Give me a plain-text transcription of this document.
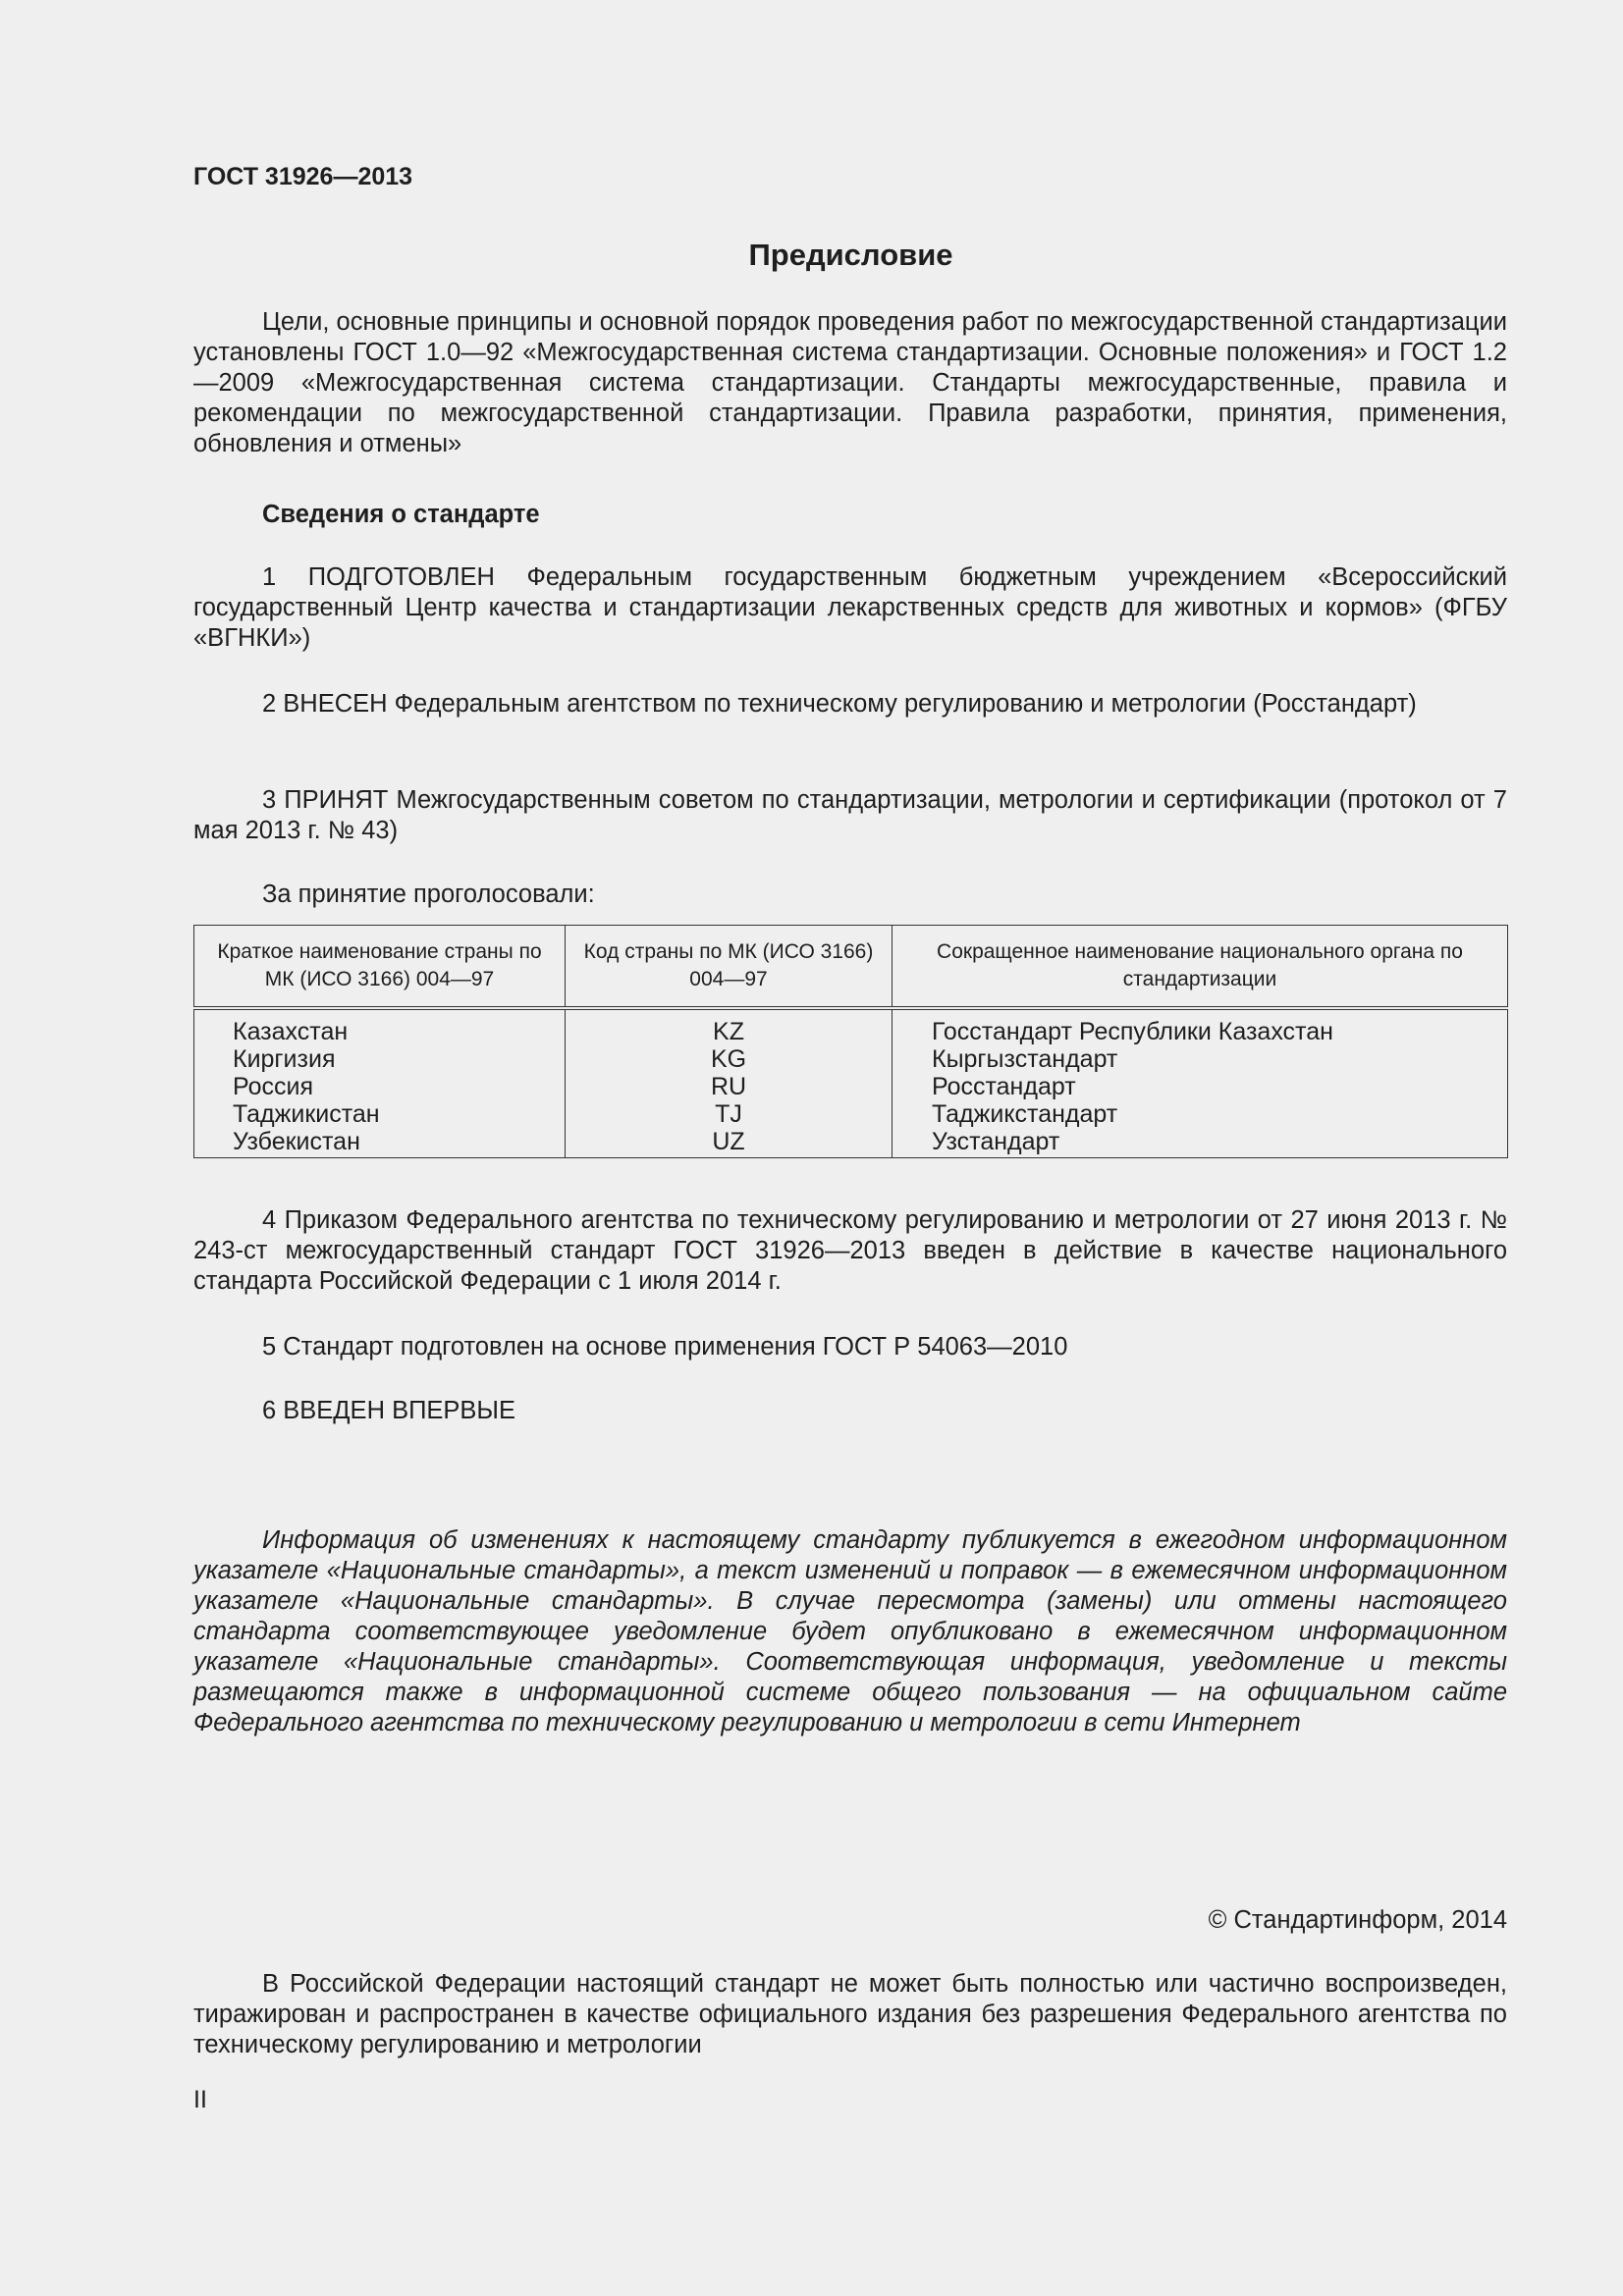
ГОСТ 31926—2013
Предисловие
Цели, основные принципы и основной порядок проведения работ по межгосударственной стандартизации установлены ГОСТ 1.0—92 «Межгосударственная система стандартизации. Основные положения» и ГОСТ 1.2—2009 «Межгосударственная система стандартизации. Стандарты межгосударственные, правила и рекомендации по межгосударственной стандартизации. Правила разработки, принятия, применения, обновления и отмены»
Сведения о стандарте
1 ПОДГОТОВЛЕН Федеральным государственным бюджетным учреждением «Всероссийский государственный Центр качества и стандартизации лекарственных средств для животных и кормов» (ФГБУ «ВГНКИ»)
2 ВНЕСЕН Федеральным агентством по техническому регулированию и метрологии (Росстандарт)
3 ПРИНЯТ Межгосударственным советом по стандартизации, метрологии и сертификации (протокол от 7 мая 2013 г. № 43)
За принятие проголосовали:
Краткое наименование страны по МК (ИСО 3166) 004—97	Код страны по МК (ИСО 3166) 004—97	Сокращенное наименование национального органа по стандартизации
Казахстан	KZ	Госстандарт Республики Казахстан
Киргизия	KG	Кыргызстандарт
Россия	RU	Росстандарт
Таджикистан	TJ	Таджикстандарт
Узбекистан	UZ	Узстандарт
4 Приказом Федерального агентства по техническому регулированию и метрологии от 27 июня 2013 г. № 243-ст межгосударственный стандарт ГОСТ 31926—2013 введен в действие в качестве национального стандарта Российской Федерации с 1 июля 2014 г.
5 Стандарт подготовлен на основе применения ГОСТ Р 54063—2010
6 ВВЕДЕН ВПЕРВЫЕ
Информация об изменениях к настоящему стандарту публикуется в ежегодном информационном указателе «Национальные стандарты», а текст изменений и поправок — в ежемесячном информационном указателе «Национальные стандарты». В случае пересмотра (замены) или отмены настоящего стандарта соответствующее уведомление будет опубликовано в ежемесячном информационном указателе «Национальные стандарты». Соответствующая информация, уведомление и тексты размещаются также в информационной системе общего пользования — на официальном сайте Федерального агентства по техническому регулированию и метрологии в сети Интернет
© Стандартинформ, 2014
В Российской Федерации настоящий стандарт не может быть полностью или частично воспроизведен, тиражирован и распространен в качестве официального издания без разрешения Федерального агентства по техническому регулированию и метрологии
II
